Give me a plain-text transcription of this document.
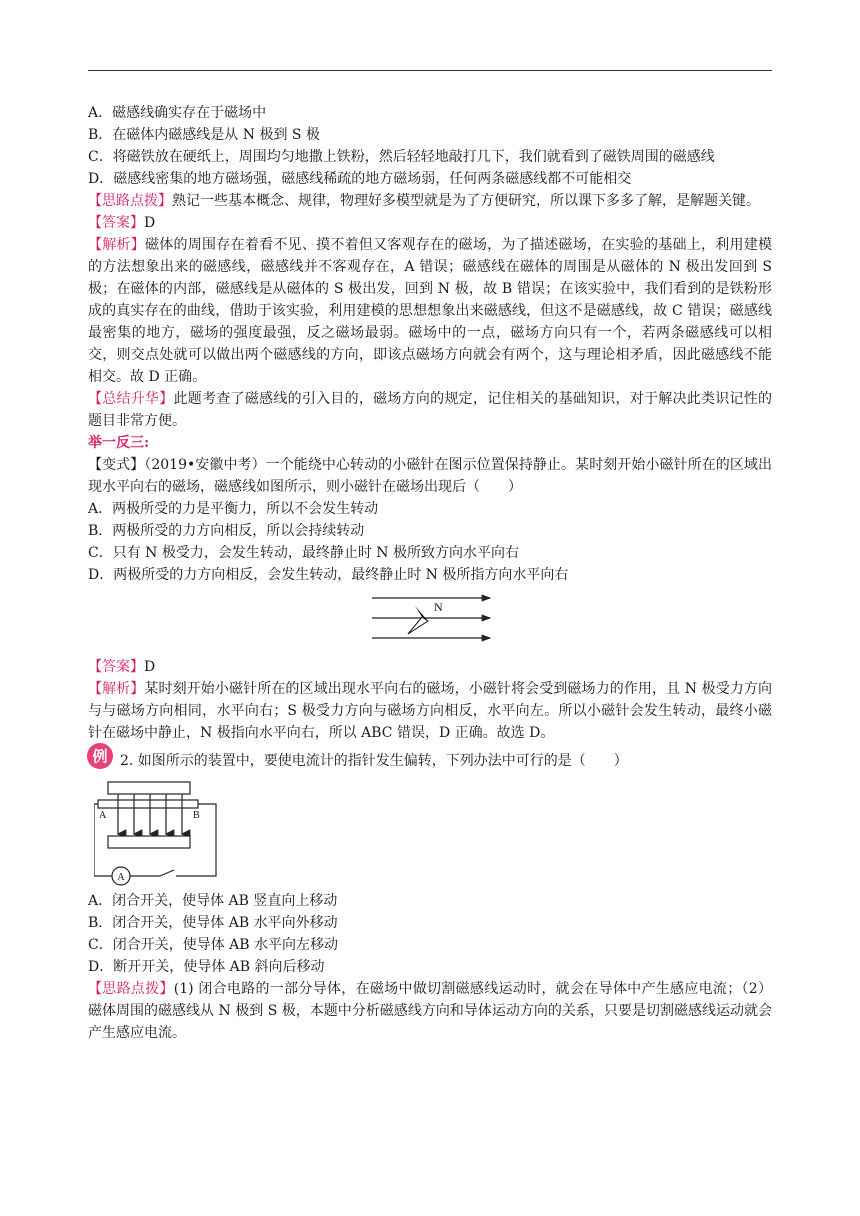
A．磁感线确实存在于磁场中
B．在磁体内磁感线是从 N 极到 S 极
C．将磁铁放在硬纸上，周围均匀地撒上铁粉，然后轻轻地敲打几下，我们就看到了磁铁周围的磁感线
D．磁感线密集的地方磁场强，磁感线稀疏的地方磁场弱，任何两条磁感线都不可能相交
【思路点拨】熟记一些基本概念、规律，物理好多模型就是为了方便研究，所以课下多多了解，是解题关键。
【答案】D
【解析】磁体的周围存在着看不见、摸不着但又客观存在的磁场，为了描述磁场，在实验的基础上，利用建模的方法想象出来的磁感线，磁感线并不客观存在，A 错误；磁感线在磁体的周围是从磁体的 N 极出发回到 S 极；在磁体的内部，磁感线是从磁体的 S 极出发，回到 N 极，故 B 错误；在该实验中，我们看到的是铁粉形成的真实存在的曲线，借助于该实验，利用建模的思想想象出来磁感线，但这不是磁感线，故 C 错误；磁感线最密集的地方，磁场的强度最强，反之磁场最弱。磁场中的一点，磁场方向只有一个，若两条磁感线可以相交，则交点处就可以做出两个磁感线的方向，即该点磁场方向就会有两个，这与理论相矛盾，因此磁感线不能相交。故 D 正确。
【总结升华】此题考查了磁感线的引入目的，磁场方向的规定，记住相关的基础知识，对于解决此类识记性的题目非常方便。
举一反三:
【变式】（2019•安徽中考）一个能绕中心转动的小磁针在图示位置保持静止。某时刻开始小磁针所在的区域出现水平向右的磁场，磁感线如图所示，则小磁针在磁场出现后（　　）
A．两极所受的力是平衡力，所以不会发生转动
B．两极所受的力方向相反，所以会持续转动
C．只有 N 极受力，会发生转动，最终静止时 N 极所致方向水平向右
D．两极所受的力方向相反，会发生转动，最终静止时 N 极所指方向水平向右
N
【答案】D
【解析】某时刻开始小磁针所在的区域出现水平向右的磁场，小磁针将会受到磁场力的作用，且 N 极受力方向与与磁场方向相同，水平向右；S 极受力方向与磁场方向相反，水平向左。所以小磁针会发生转动，最终小磁针在磁场中静止，N 极指向水平向右，所以 ABC 错误，D 正确。故选 D。
例 2. 如图所示的装置中，要使电流计的指针发生偏转，下列办法中可行的是（　　）
A	B
A
A．闭合开关，使导体 AB 竖直向上移动
B．闭合开关，使导体 AB 水平向外移动
C．闭合开关，使导体 AB 水平向左移动
D．断开开关，使导体 AB 斜向后移动
【思路点拨】(1) 闭合电路的一部分导体，在磁场中做切割磁感线运动时，就会在导体中产生感应电流；（2）磁体周围的磁感线从 N 极到 S 极，本题中分析磁感线方向和导体运动方向的关系，只要是切割磁感线运动就会产生感应电流。
